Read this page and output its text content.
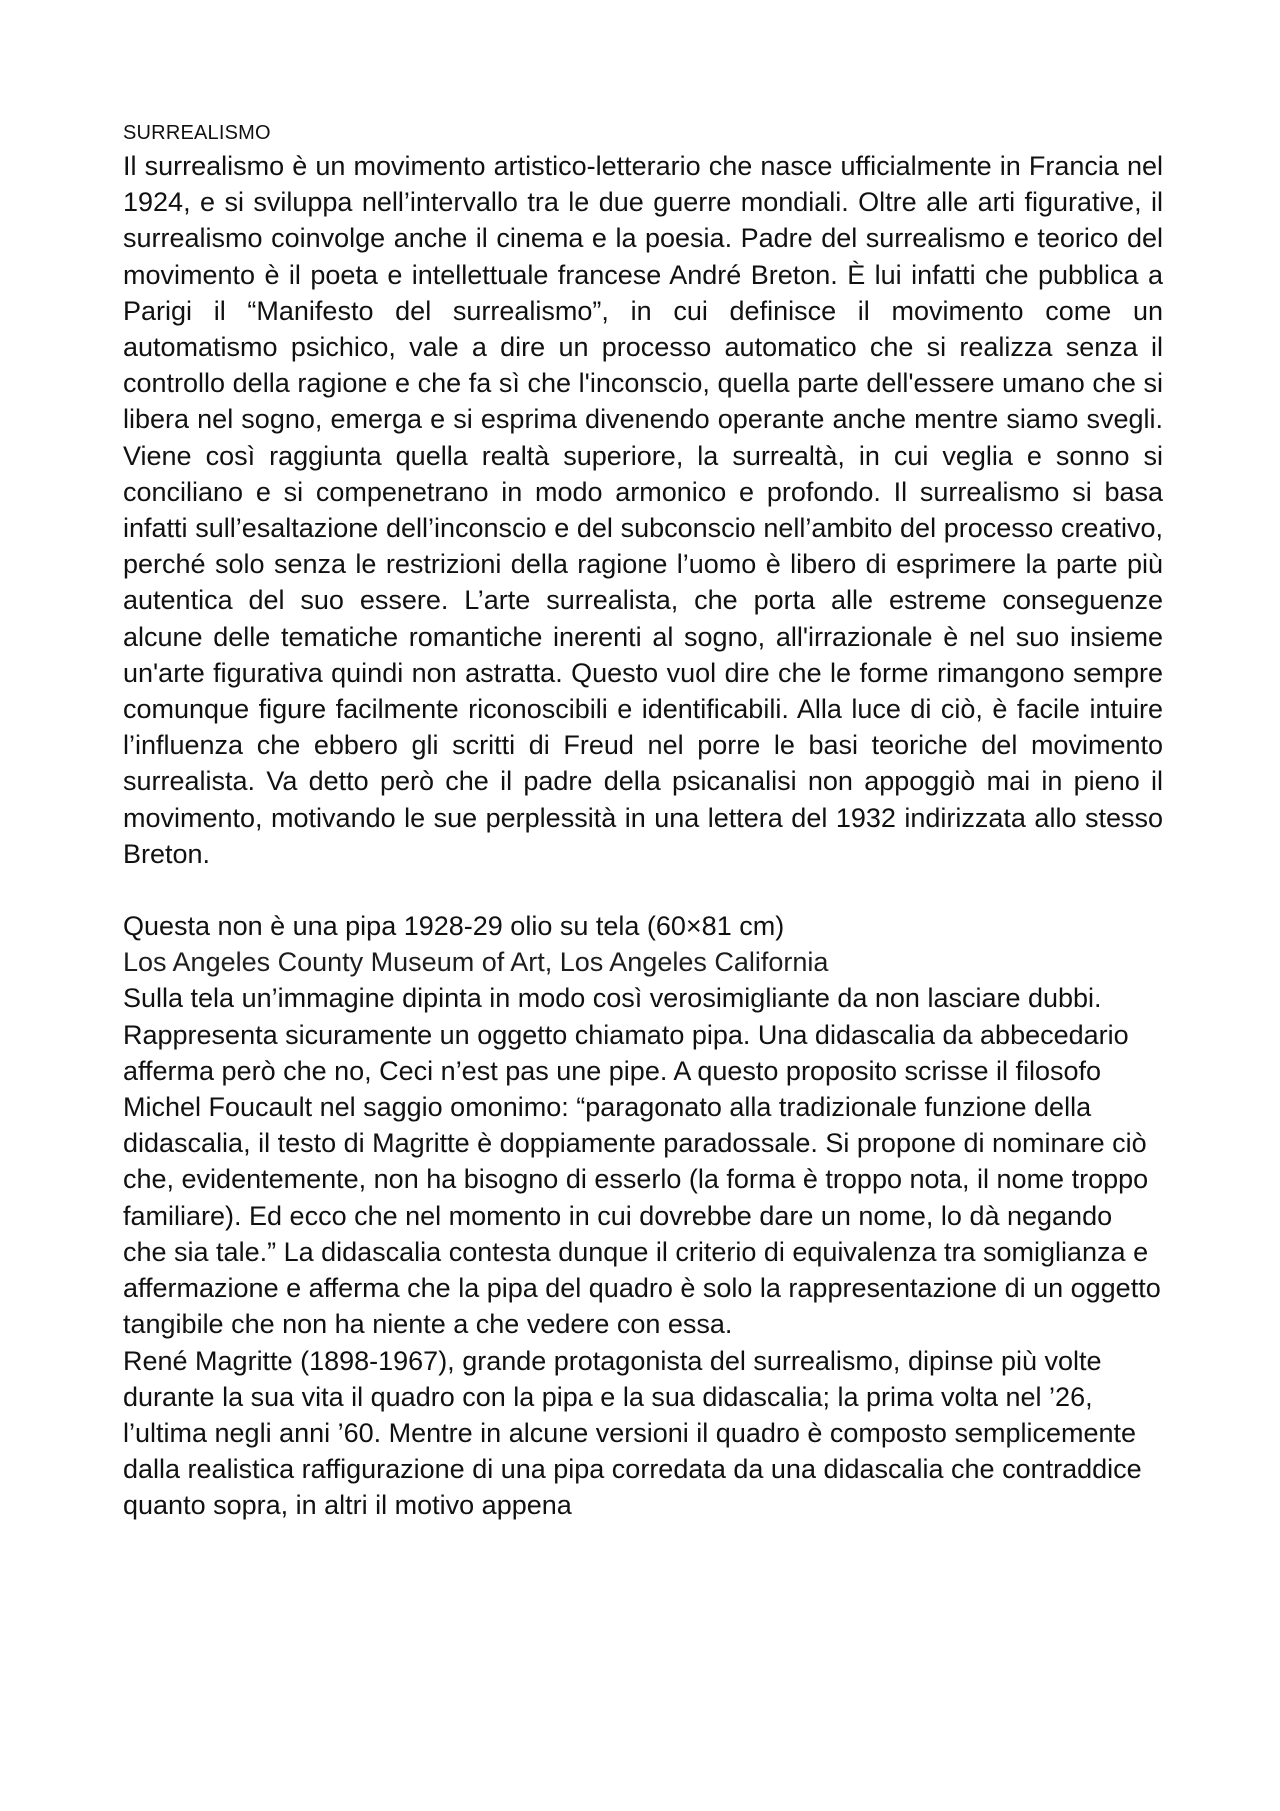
SURREALISMO

Il surrealismo è un movimento artistico-letterario che nasce ufficialmente in Francia nel 1924, e si sviluppa nell’intervallo tra le due guerre mondiali. Oltre alle arti figurative, il surrealismo coinvolge anche il cinema e la poesia. Padre del surrealismo e teorico del movimento è il poeta e intellettuale francese André Breton. È lui infatti che pubblica a Parigi il “Manifesto del surrealismo”, in cui definisce il movimento come un automatismo psichico, vale a dire un processo automatico che si realizza senza il controllo della ragione e che fa sì che l'inconscio, quella parte dell'essere umano che si libera nel sogno, emerga e si esprima divenendo operante anche mentre siamo svegli. Viene così raggiunta quella realtà superiore, la surrealtà, in cui veglia e sonno si conciliano e si compenetrano in modo armonico e profondo. Il surrealismo si basa infatti sull’esaltazione dell’inconscio e del subconscio nell’ambito del processo creativo, perché solo senza le restrizioni della ragione l’uomo è libero di esprimere la parte più autentica del suo essere. L’arte surrealista, che porta alle estreme conseguenze alcune delle tematiche romantiche inerenti al sogno, all'irrazionale è nel suo insieme un'arte figurativa quindi non astratta. Questo vuol dire che le forme rimangono sempre comunque figure facilmente riconoscibili e identificabili. Alla luce di ciò, è facile intuire l’influenza che ebbero gli scritti di Freud nel porre le basi teoriche del movimento surrealista. Va detto però che il padre della psicanalisi non appoggiò mai in pieno il movimento, motivando le sue perplessità in una lettera del 1932 indirizzata allo stesso Breton.

Questa non è una pipa 1928-29 olio su tela (60×81 cm)

Los Angeles County Museum of Art, Los Angeles California

Sulla tela un’immagine dipinta in modo così verosimigliante da non lasciare dubbi. Rappresenta sicuramente un oggetto chiamato pipa. Una didascalia da abbecedario afferma però che no, Ceci n’est pas une pipe. A questo proposito scrisse il filosofo Michel Foucault nel saggio omonimo: “paragonato alla tradizionale funzione della didascalia, il testo di Magritte è doppiamente paradossale. Si propone di nominare ciò che, evidentemente, non ha bisogno di esserlo (la forma è troppo nota, il nome troppo familiare). Ed ecco che nel momento in cui dovrebbe dare un nome, lo dà negando che sia tale.” La didascalia contesta dunque il criterio di equivalenza tra somiglianza e affermazione e afferma che la pipa del quadro è solo la rappresentazione di un oggetto tangibile che non ha niente a che vedere con essa.

René Magritte (1898-1967), grande protagonista del surrealismo, dipinse più volte durante la sua vita il quadro con la pipa e la sua didascalia; la prima volta nel ’26, l’ultima negli anni ’60. Mentre in alcune versioni il quadro è composto semplicemente dalla realistica raffigurazione di una pipa corredata da una didascalia che contraddice quanto sopra, in altri il motivo appena
